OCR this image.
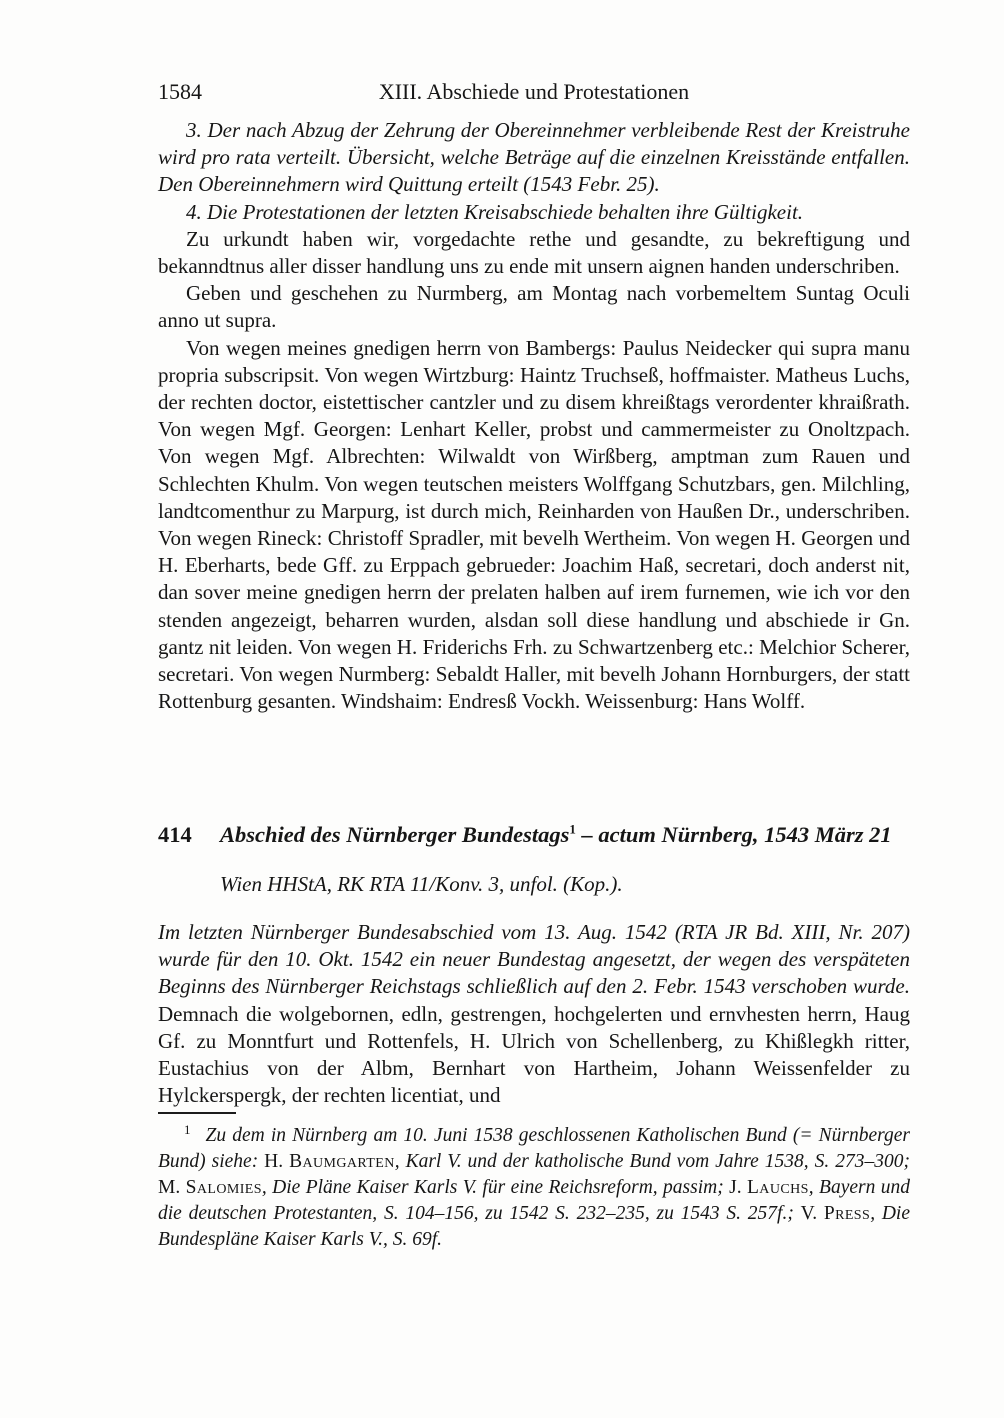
1584	XIII. Abschiede und Protestationen

3. Der nach Abzug der Zehrung der Obereinnehmer verbleibende Rest der Kreistruhe wird pro rata verteilt. Übersicht, welche Beträge auf die einzelnen Kreisstände entfallen. Den Obereinnehmern wird Quittung erteilt (1543 Febr. 25).

4. Die Protestationen der letzten Kreisabschiede behalten ihre Gültigkeit.

Zu urkundt haben wir, vorgedachte rethe und gesandte, zu bekreftigung und bekanndtnus aller disser handlung uns zu ende mit unsern aignen handen underschriben.

Geben und geschehen zu Nurmberg, am Montag nach vorbemeltem Suntag Oculi anno ut supra.

Von wegen meines gnedigen herrn von Bambergs: Paulus Neidecker qui supra manu propria subscripsit. Von wegen Wirtzburg: Haintz Truchseß, hoffmaister. Matheus Luchs, der rechten doctor, eistettischer cantzler und zu disem khreißtags verordenter khraißrath. Von wegen Mgf. Georgen: Lenhart Keller, probst und cammermeister zu Onoltzpach. Von wegen Mgf. Albrechten: Wilwaldt von Wirßberg, amptman zum Rauen und Schlechten Khulm. Von wegen teutschen meisters Wolffgang Schutzbars, gen. Milchling, landtcomenthur zu Marpurg, ist durch mich, Reinharden von Haußen Dr., underschriben. Von wegen Rineck: Christoff Spradler, mit bevelh Wertheim. Von wegen H. Georgen und H. Eberharts, bede Gff. zu Erppach gebrueder: Joachim Haß, secretari, doch anderst nit, dan sover meine gnedigen herrn der prelaten halben auf irem furnemen, wie ich vor den stenden angezeigt, beharren wurden, alsdan soll diese handlung und abschiede ir Gn. gantz nit leiden. Von wegen H. Friderichs Frh. zu Schwartzenberg etc.: Melchior Scherer, secretari. Von wegen Nurmberg: Sebaldt Haller, mit bevelh Johann Hornburgers, der statt Rottenburg gesanten. Windshaim: Endresß Vockh. Weissenburg: Hans Wolff.

414	Abschied des Nürnberger Bundestags$^1$ – actum Nürnberg, 1543 März 21

Wien HHStA, RK RTA 11/Konv. 3, unfol. (Kop.).

Im letzten Nürnberger Bundesabschied vom 13. Aug. 1542 (RTA JR Bd. XIII, Nr. 207) wurde für den 10. Okt. 1542 ein neuer Bundestag angesetzt, der wegen des verspäteten Beginns des Nürnberger Reichstags schließlich auf den 2. Febr. 1543 verschoben wurde. Demnach die wolgebornen, edln, gestrengen, hochgelerten und ernvhesten herrn, Haug Gf. zu Monntfurt und Rottenfels, H. Ulrich von Schellenberg, zu Khißlegkh ritter, Eustachius von der Albm, Bernhart von Hartheim, Johann Weissenfelder zu Hylckerspergk, der rechten licentiat, und

$^1$ Zu dem in Nürnberg am 10. Juni 1538 geschlossenen Katholischen Bund (= Nürnberger Bund) siehe: H. Baumgarten, Karl V. und der katholische Bund vom Jahre 1538, S. 273–300; M. Salomies, Die Pläne Kaiser Karls V. für eine Reichsreform, passim; J. Lauchs, Bayern und die deutschen Protestanten, S. 104–156, zu 1542 S. 232–235, zu 1543 S. 257f.; V. Press, Die Bundespläne Kaiser Karls V., S. 69f.
